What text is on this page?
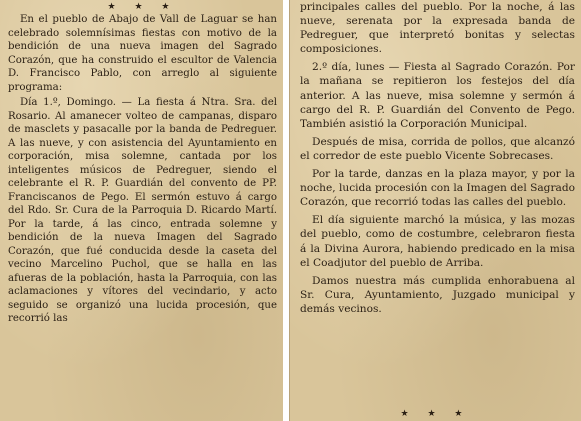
★ ★ ★

En el pueblo de Abajo de Vall de Laguar se han celebrado solemnísimas fiestas con motivo de la bendición de una nueva imagen del Sagrado Corazón, que ha construido el escultor de Valencia D. Francisco Pablo, con arreglo al siguiente programa:

Día 1.º, Domingo. — La fiesta á Ntra. Sra. del Rosario. Al amanecer volteo de campanas, disparo de masclets y pasacalle por la banda de Pedreguer. A las nueve, y con asistencia del Ayuntamiento en corporación, misa solemne, cantada por los inteligentes músicos de Pedreguer, siendo el celebrante el R. P. Guardián del convento de PP. Franciscanos de Pego. El sermón estuvo á cargo del Rdo. Sr. Cura de la Parroquia D. Ricardo Martí. Por la tarde, á las cinco, entrada solemne y bendición de la nueva Imagen del Sagrado Corazón, que fué conducida desde la caseta del vecino Marcelino Puchol, que se halla en las afueras de la población, hasta la Parroquia, con las aclamaciones y vítores del vecindario, y acto seguido se organizó una lucida procesión, que recorrió las

principales calles del pueblo. Por la noche, á las nueve, serenata por la expresada banda de Pedreguer, que interpretó bonitas y selectas composiciones.

2.º día, lunes — Fiesta al Sagrado Corazón. Por la mañana se repitieron los festejos del día anterior. A las nueve, misa solemne y sermón á cargo del R. P. Guardián del Convento de Pego. También asistió la Corporación Municipal.

Después de misa, corrida de pollos, que alcanzó el corredor de este pueblo Vicente Sobrecases.

Por la tarde, danzas en la plaza mayor, y por la noche, lucida procesión con la Imagen del Sagrado Corazón, que recorrió todas las calles del pueblo.

El día siguiente marchó la música, y las mozas del pueblo, como de costumbre, celebraron fiesta á la Divina Aurora, habiendo predicado en la misa el Coadjutor del pueblo de Arriba.

Damos nuestra más cumplida enhorabuena al Sr. Cura, Ayuntamiento, Juzgado municipal y demás vecinos.

★ ★ ★
